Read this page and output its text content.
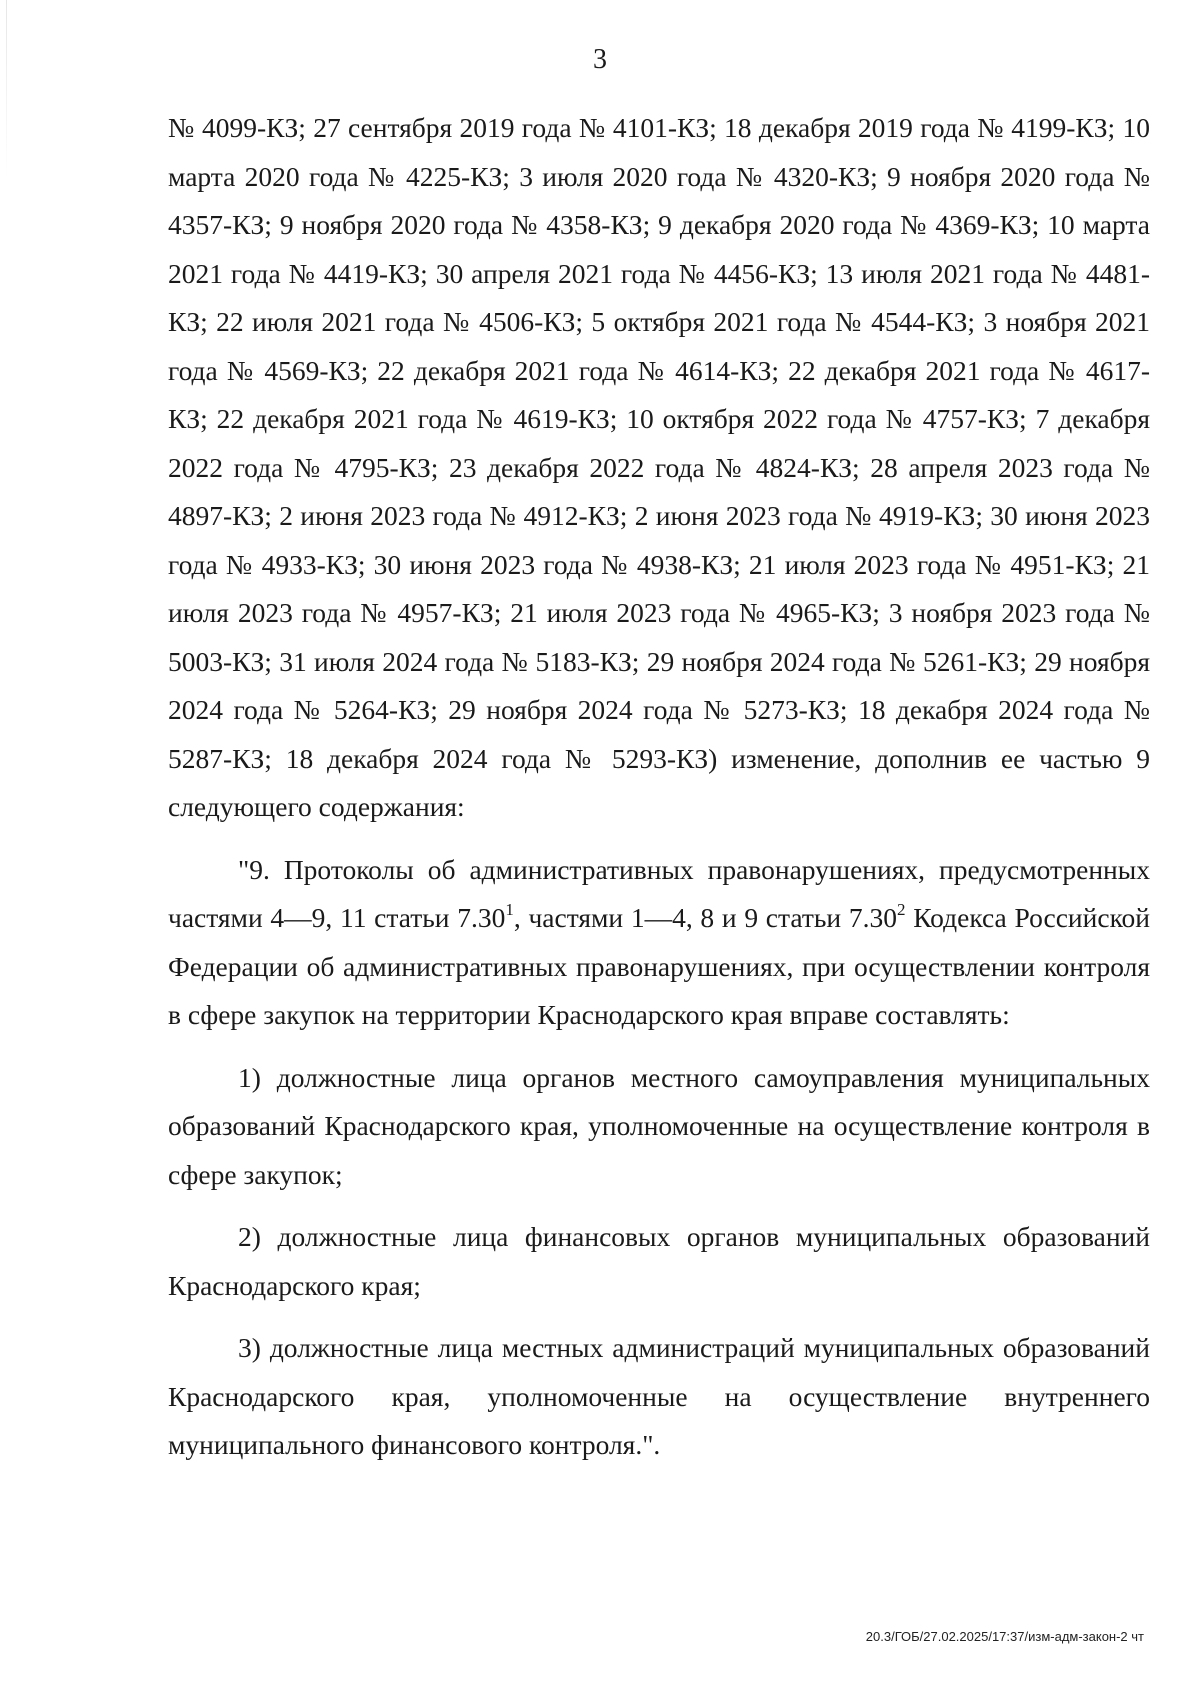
3

№ 4099-КЗ; 27 сентября 2019 года № 4101-КЗ; 18 декабря 2019 года № 4199-КЗ; 10 марта 2020 года № 4225-КЗ; 3 июля 2020 года № 4320-КЗ; 9 ноября 2020 года № 4357-КЗ; 9 ноября 2020 года № 4358-КЗ; 9 декабря 2020 года № 4369-КЗ; 10 марта 2021 года № 4419-КЗ; 30 апреля 2021 года № 4456-КЗ; 13 июля 2021 года № 4481-КЗ; 22 июля 2021 года № 4506-КЗ; 5 октября 2021 года № 4544-КЗ; 3 ноября 2021 года № 4569-КЗ; 22 декабря 2021 года № 4614-КЗ; 22 декабря 2021 года № 4617-КЗ; 22 декабря 2021 года № 4619-КЗ; 10 октября 2022 года № 4757-КЗ; 7 декабря 2022 года № 4795-КЗ; 23 декабря 2022 года № 4824-КЗ; 28 апреля 2023 года № 4897-КЗ; 2 июня 2023 года № 4912-КЗ; 2 июня 2023 года № 4919-КЗ; 30 июня 2023 года № 4933-КЗ; 30 июня 2023 года № 4938-КЗ; 21 июля 2023 года № 4951-КЗ; 21 июля 2023 года № 4957-КЗ; 21 июля 2023 года № 4965-КЗ; 3 ноября 2023 года № 5003-КЗ; 31 июля 2024 года № 5183-КЗ; 29 ноября 2024 года № 5261-КЗ; 29 ноября 2024 года № 5264-КЗ; 29 ноября 2024 года № 5273-КЗ; 18 декабря 2024 года № 5287-КЗ; 18 декабря 2024 года № 5293-КЗ) изменение, дополнив ее частью 9 следующего содержания:

"9. Протоколы об административных правонарушениях, предусмотренных частями 4—9, 11 статьи 7.30$^1$, частями 1—4, 8 и 9 статьи 7.30$^2$ Кодекса Российской Федерации об административных правонарушениях, при осуществлении контроля в сфере закупок на территории Краснодарского края вправе составлять:

1) должностные лица органов местного самоуправления муниципальных образований Краснодарского края, уполномоченные на осуществление контроля в сфере закупок;

2) должностные лица финансовых органов муниципальных образований Краснодарского края;

3) должностные лица местных администраций муниципальных образований Краснодарского края, уполномоченные на осуществление внутреннего муниципального финансового контроля.".

20.3/ГОБ/27.02.2025/17:37/изм-адм-закон-2 чт
